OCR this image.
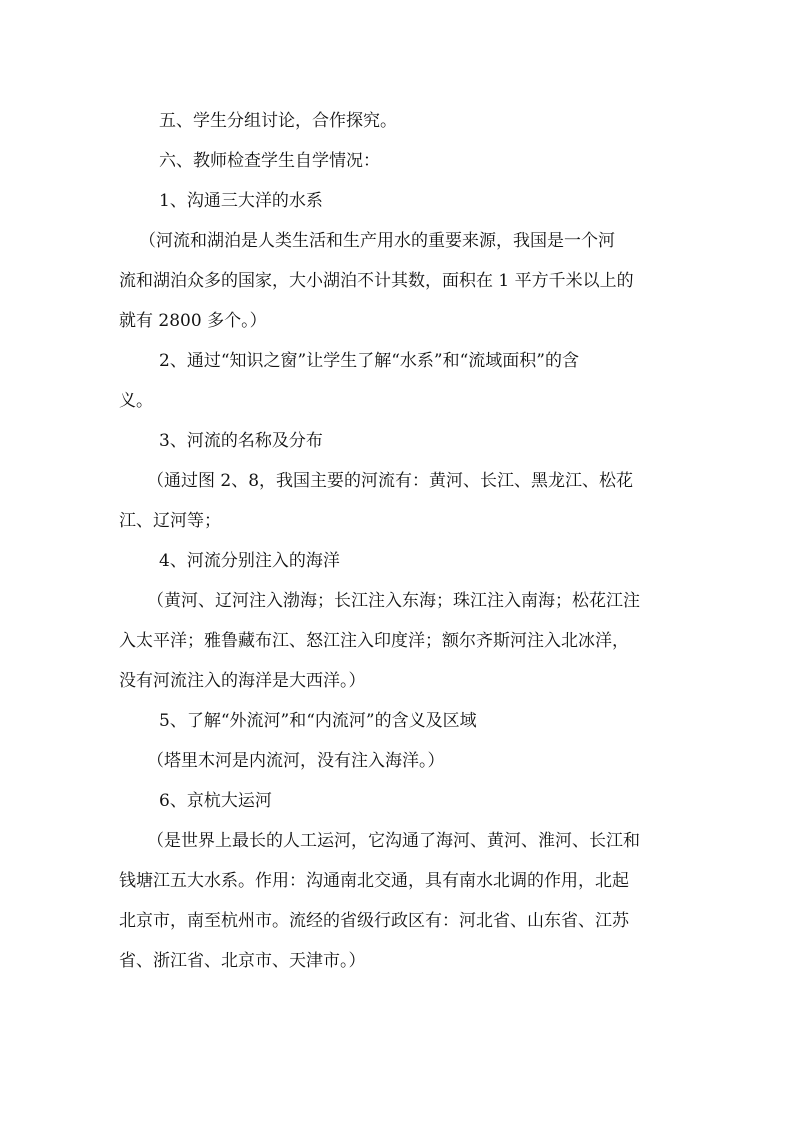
五、学生分组讨论，合作探究。
六、教师检查学生自学情况：
1、沟通三大洋的水系
（河流和湖泊是人类生活和生产用水的重要来源，我国是一个河
流和湖泊众多的国家，大小湖泊不计其数，面积在 1 平方千米以上的
就有 2800 多个。）
2、通过“知识之窗”让学生了解“水系”和“流域面积”的含
义。
3、河流的名称及分布
（通过图 2、8，我国主要的河流有：黄河、长江、黑龙江、松花
江、辽河等；
4、河流分别注入的海洋
（黄河、辽河注入渤海；长江注入东海；珠江注入南海；松花江注
入太平洋；雅鲁藏布江、怒江注入印度洋；额尔齐斯河注入北冰洋，
没有河流注入的海洋是大西洋。）
5、了解“外流河”和“内流河”的含义及区域
（塔里木河是内流河，没有注入海洋。）
6、京杭大运河
（是世界上最长的人工运河，它沟通了海河、黄河、淮河、长江和
钱塘江五大水系。作用：沟通南北交通，具有南水北调的作用，北起
北京市，南至杭州市。流经的省级行政区有：河北省、山东省、江苏
省、浙江省、北京市、天津市。）
